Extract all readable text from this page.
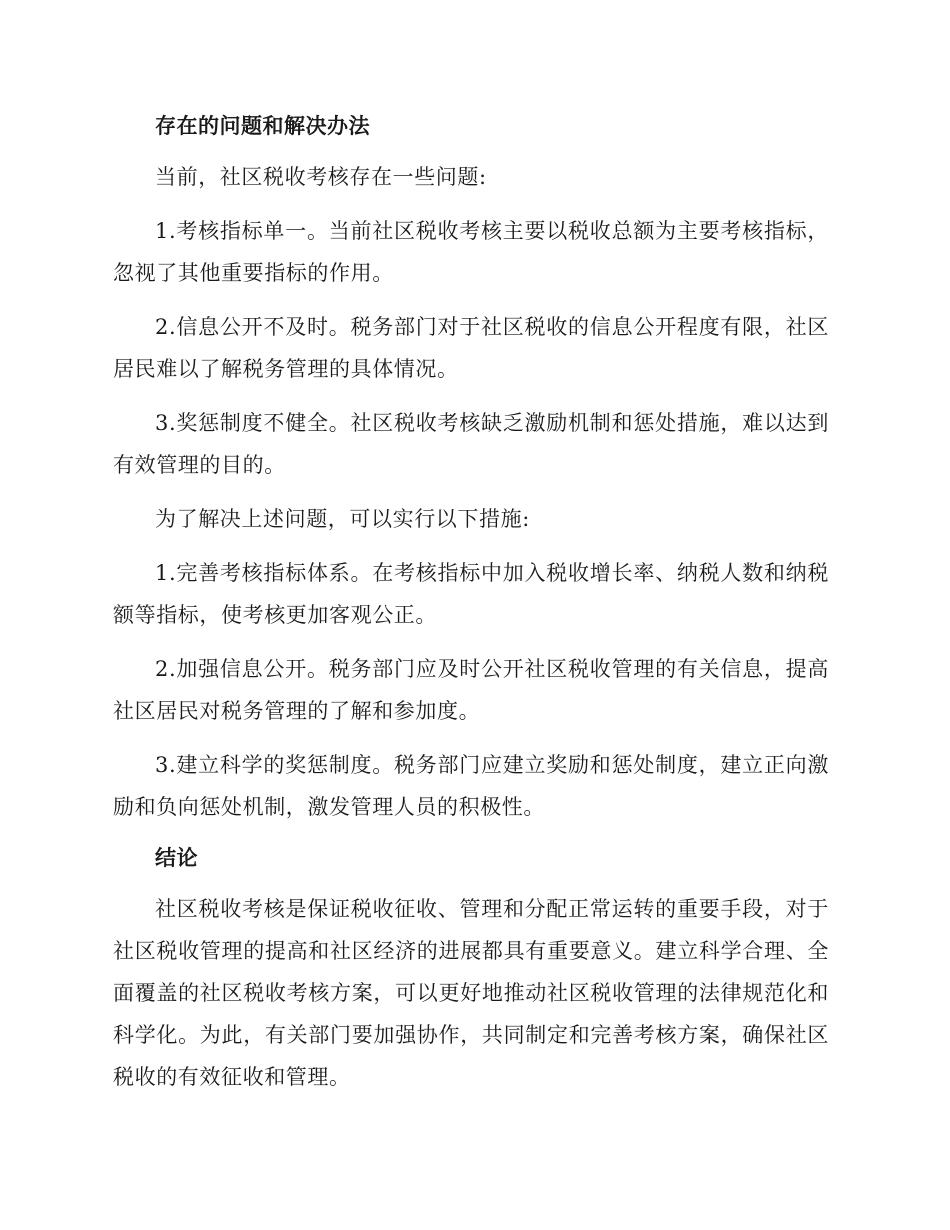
存在的问题和解决办法

当前，社区税收考核存在一些问题:

1.考核指标单一。当前社区税收考核主要以税收总额为主要考核指标，忽视了其他重要指标的作用。

2.信息公开不及时。税务部门对于社区税收的信息公开程度有限，社区居民难以了解税务管理的具体情况。

3.奖惩制度不健全。社区税收考核缺乏激励机制和惩处措施，难以达到有效管理的目的。

为了解决上述问题，可以实行以下措施:

1.完善考核指标体系。在考核指标中加入税收增长率、纳税人数和纳税额等指标，使考核更加客观公正。

2.加强信息公开。税务部门应及时公开社区税收管理的有关信息，提高社区居民对税务管理的了解和参加度。

3.建立科学的奖惩制度。税务部门应建立奖励和惩处制度，建立正向激励和负向惩处机制，激发管理人员的积极性。

结论

社区税收考核是保证税收征收、管理和分配正常运转的重要手段，对于社区税收管理的提高和社区经济的进展都具有重要意义。建立科学合理、全面覆盖的社区税收考核方案，可以更好地推动社区税收管理的法律规范化和科学化。为此，有关部门要加强协作，共同制定和完善考核方案，确保社区税收的有效征收和管理。
